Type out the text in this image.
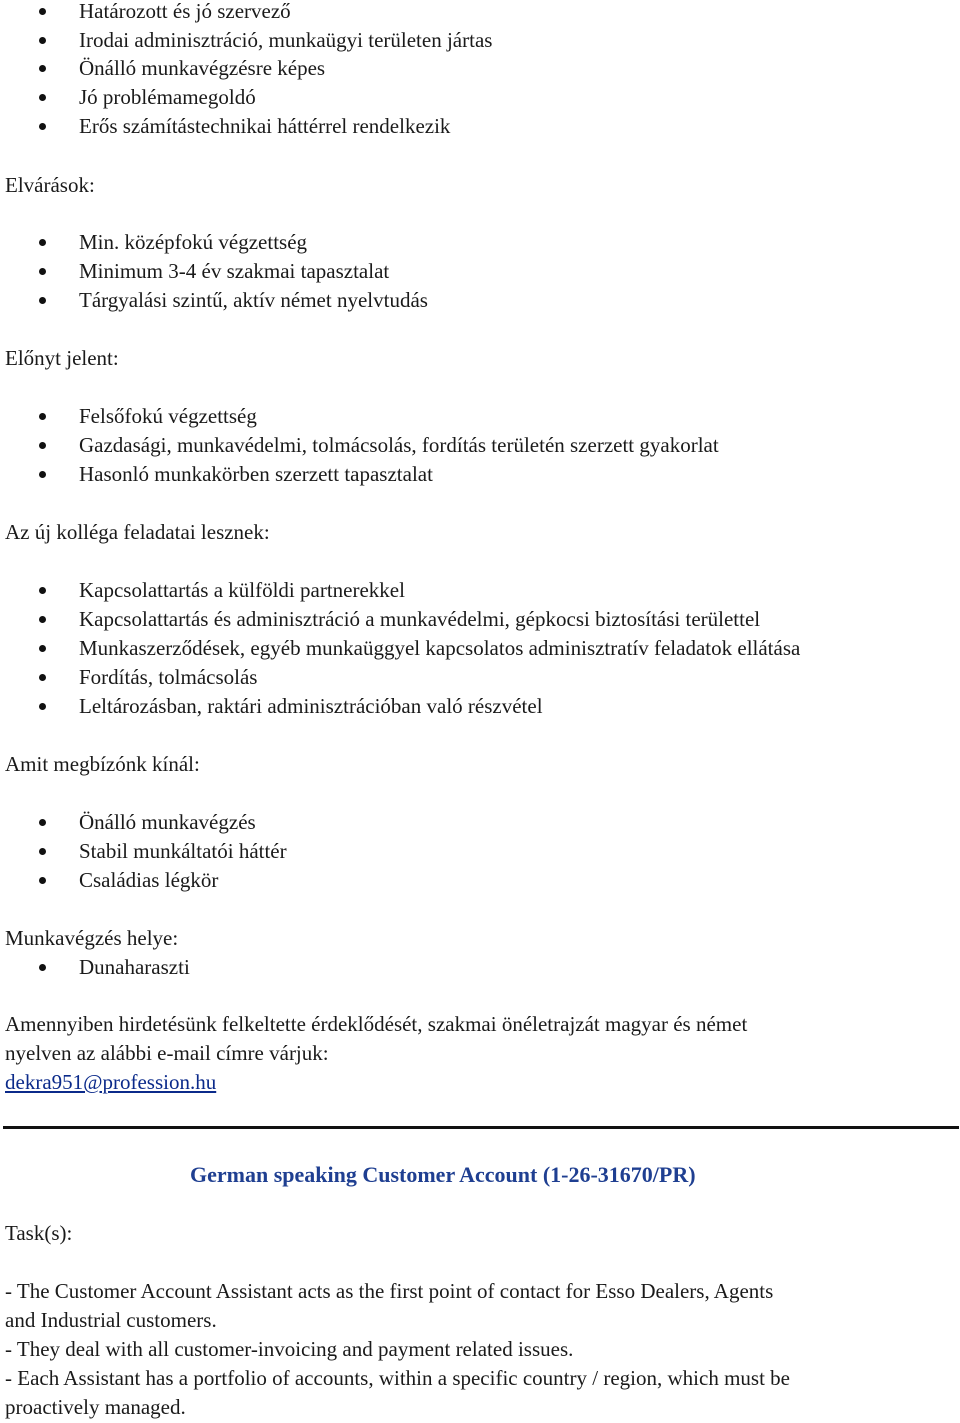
Határozott és jó szervező
Irodai adminisztráció, munkaügyi területen jártas
Önálló munkavégzésre képes
Jó problémamegoldó
Erős számítástechnikai háttérrel rendelkezik
Elvárások:
Min. középfokú végzettség
Minimum 3-4 év szakmai tapasztalat
Tárgyalási szintű, aktív német nyelvtudás
Előnyt jelent:
Felsőfokú végzettség
Gazdasági, munkavédelmi, tolmácsolás, fordítás területén szerzett gyakorlat
Hasonló munkakörben szerzett tapasztalat
Az új kolléga feladatai lesznek:
Kapcsolattartás a külföldi partnerekkel
Kapcsolattartás és adminisztráció a munkavédelmi, gépkocsi biztosítási területtel
Munkaszerződések, egyéb munkaüggyel kapcsolatos adminisztratív feladatok ellátása
Fordítás, tolmácsolás
Leltározásban, raktári adminisztrációban való részvétel
Amit megbízónk kínál:
Önálló munkavégzés
Stabil munkáltatói háttér
Családias légkör
Munkavégzés helye:
Dunaharaszti

Amennyiben hirdetésünk felkeltette érdeklődését, szakmai önéletrajzát magyar és német

nyelven az alábbi e-mail címre várjuk:

dekra951@profession.hu

German speaking Customer Account (1-26-31670/PR)
Task(s):

- The Customer Account Assistant acts as the first point of contact for Esso Dealers, Agents

and Industrial customers.

- They deal with all customer-invoicing and payment related issues.

- Each Assistant has a portfolio of accounts, within a specific country / region, which must be

proactively managed.
